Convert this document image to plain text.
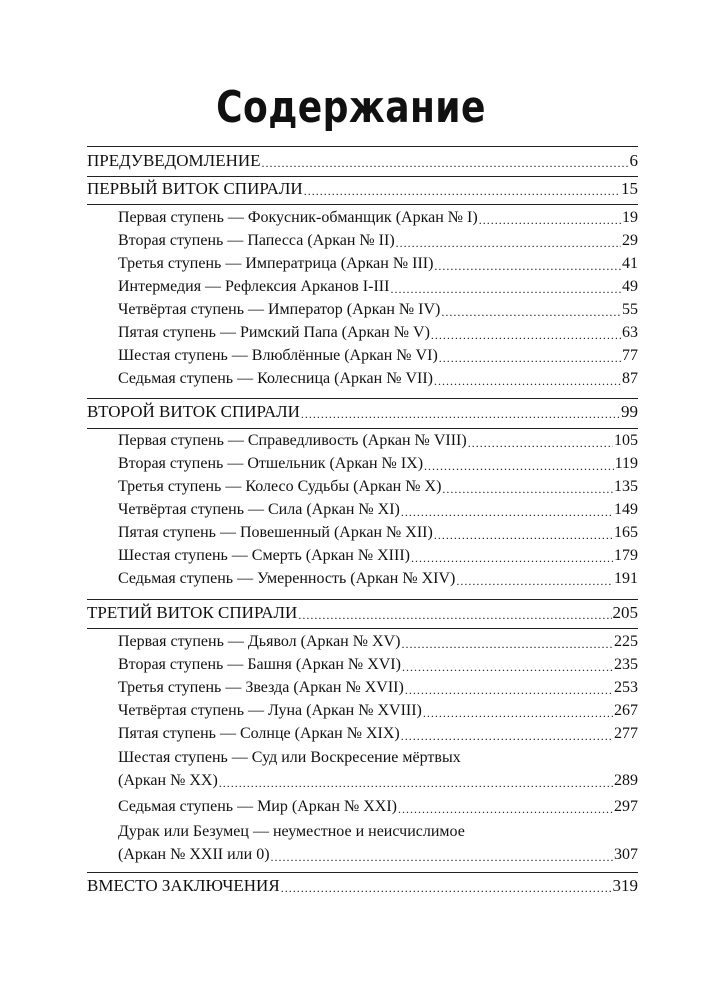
Содержание
ПРЕДУВЕДОМЛЕНИЕ .....	6
ПЕРВЫЙ ВИТОК СПИРАЛИ .....	15
Первая ступень — Фокусник-обманщик (Аркан № I) .....	19
Вторая ступень — Папесса (Аркан № II) .....	29
Третья ступень — Императрица (Аркан № III) .....	41
Интермедия — Рефлексия Арканов I-III .....	49
Четвёртая ступень — Император (Аркан № IV) .....	55
Пятая ступень — Римский Папа (Аркан № V) .....	63
Шестая ступень — Влюблённые (Аркан № VI) .....	77
Седьмая ступень — Колесница (Аркан № VII) .....	87
ВТОРОЙ ВИТОК СПИРАЛИ .....	99
Первая ступень — Справедливость (Аркан № VIII) .....	105
Вторая ступень — Отшельник (Аркан № IX) .....	119
Третья ступень — Колесо Судьбы (Аркан № X) .....	135
Четвёртая ступень — Сила (Аркан № XI) .....	149
Пятая ступень — Повешенный (Аркан № XII) .....	165
Шестая ступень — Смерть (Аркан № XIII) .....	179
Седьмая ступень — Умеренность (Аркан № XIV) .....	191
ТРЕТИЙ ВИТОК СПИРАЛИ .....	205
Первая ступень — Дьявол (Аркан № XV) .....	225
Вторая ступень — Башня (Аркан № XVI) .....	235
Третья ступень — Звезда (Аркан № XVII) .....	253
Четвёртая ступень — Луна (Аркан № XVIII) .....	267
Пятая ступень — Солнце (Аркан № XIX) .....	277
Шестая ступень — Суд или Воскресение мёртвых
(Аркан № XX) .....	289
Седьмая ступень — Мир (Аркан № XXI) .....	297
Дурак или Безумец — неуместное и неисчислимое
(Аркан № XXII или 0) .....	307
ВМЕСТО ЗАКЛЮЧЕНИЯ .....	319
